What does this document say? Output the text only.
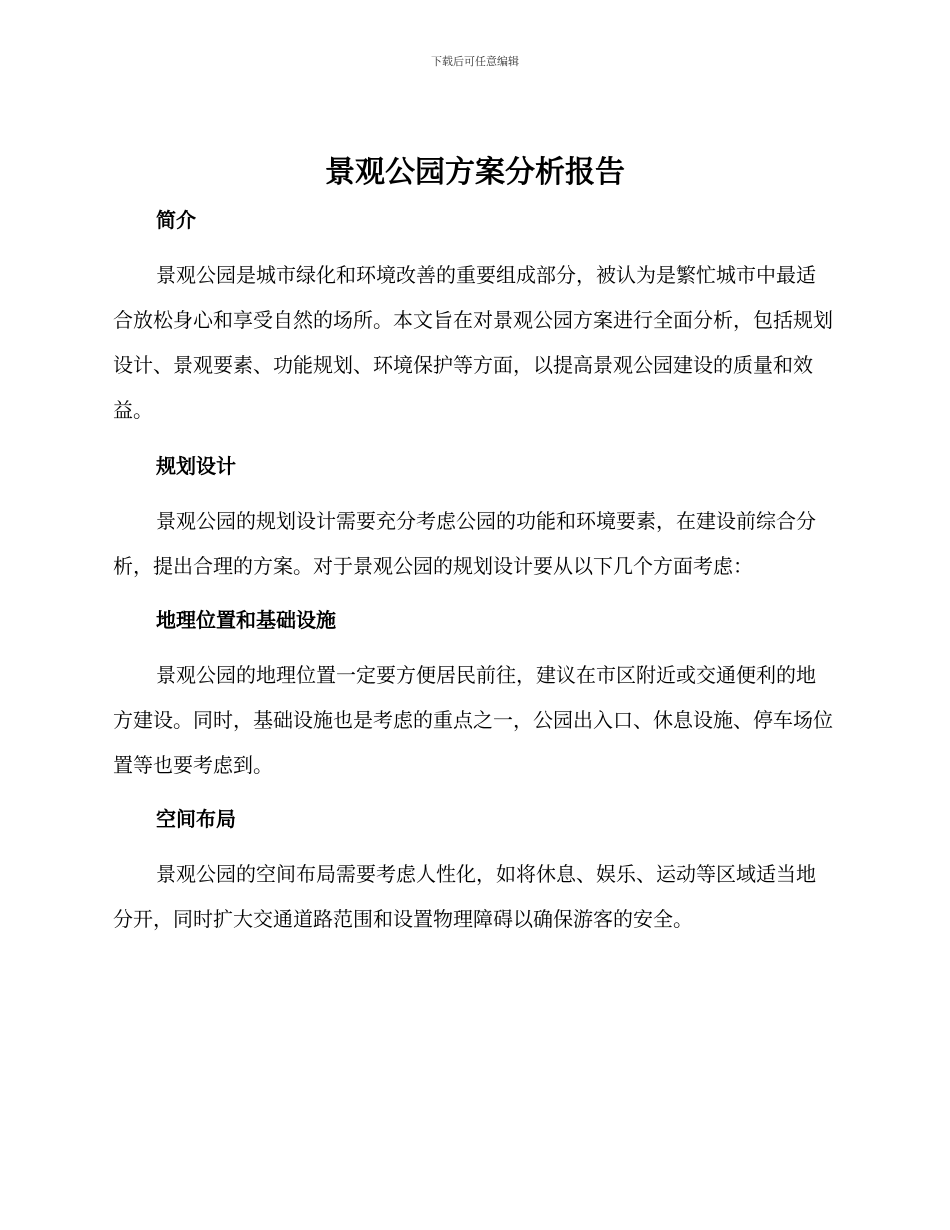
下载后可任意编辑
景观公园方案分析报告
简介

景观公园是城市绿化和环境改善的重要组成部分，被认为是繁忙城市中最适合放松身心和享受自然的场所。本文旨在对景观公园方案进行全面分析，包括规划设计、景观要素、功能规划、环境保护等方面，以提高景观公园建设的质量和效益。

规划设计

景观公园的规划设计需要充分考虑公园的功能和环境要素，在建设前综合分析，提出合理的方案。对于景观公园的规划设计要从以下几个方面考虑：

地理位置和基础设施

景观公园的地理位置一定要方便居民前往，建议在市区附近或交通便利的地方建设。同时，基础设施也是考虑的重点之一，公园出入口、休息设施、停车场位置等也要考虑到。

空间布局

景观公园的空间布局需要考虑人性化，如将休息、娱乐、运动等区域适当地分开，同时扩大交通道路范围和设置物理障碍以确保游客的安全。
